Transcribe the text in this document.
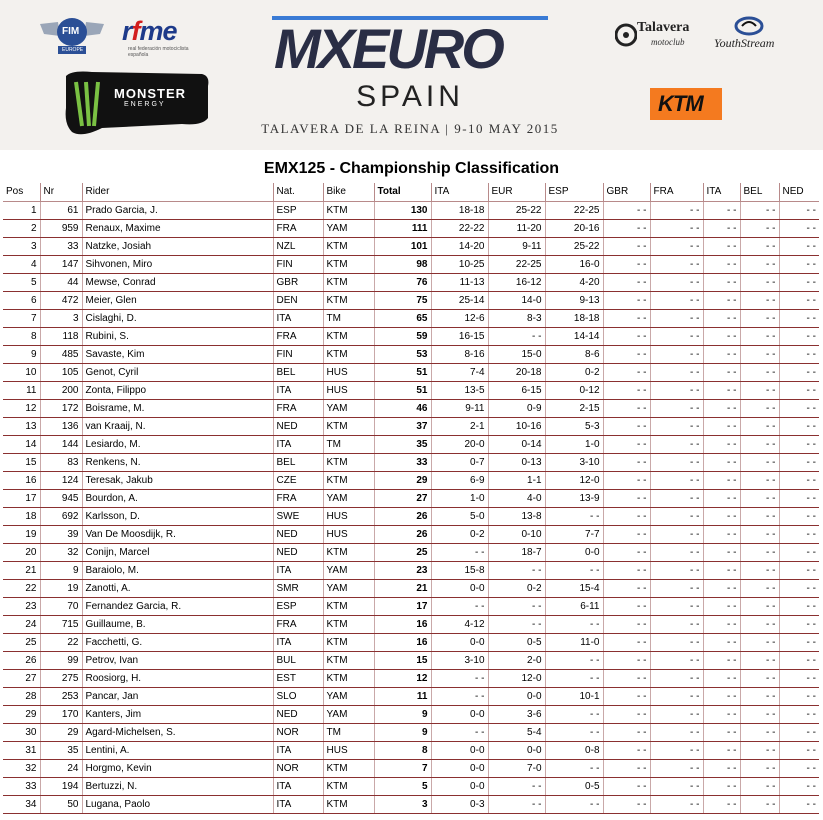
FIM
EUROPE
rfme
real federación motociclista española
MONSTER
ENERGY
MXEURO
SPAIN
TALAVERA DE LA REINA | 9-10 MAY 2015
Talavera
motoclub YouthStream
KTM
EMX125 - Championship Classification
Pos	Nr	Rider	Nat.	Bike	Total	ITA	EUR	ESP	GBR	FRA	ITA	BEL	NED
1	61	Prado Garcia, J.	ESP	KTM	130	18-18	25-22	22-25	- -	- -	- -	- -	- -
2	959	Renaux, Maxime	FRA	YAM	111	22-22	11-20	20-16	- -	- -	- -	- -	- -
3	33	Natzke, Josiah	NZL	KTM	101	14-20	9-11	25-22	- -	- -	- -	- -	- -
4	147	Sihvonen, Miro	FIN	KTM	98	10-25	22-25	16-0	- -	- -	- -	- -	- -
5	44	Mewse, Conrad	GBR	KTM	76	11-13	16-12	4-20	- -	- -	- -	- -	- -
6	472	Meier, Glen	DEN	KTM	75	25-14	14-0	9-13	- -	- -	- -	- -	- -
7	3	Cislaghi, D.	ITA	TM	65	12-6	8-3	18-18	- -	- -	- -	- -	- -
8	118	Rubini, S.	FRA	KTM	59	16-15	- -	14-14	- -	- -	- -	- -	- -
9	485	Savaste, Kim	FIN	KTM	53	8-16	15-0	8-6	- -	- -	- -	- -	- -
10	105	Genot, Cyril	BEL	HUS	51	7-4	20-18	0-2	- -	- -	- -	- -	- -
11	200	Zonta, Filippo	ITA	HUS	51	13-5	6-15	0-12	- -	- -	- -	- -	- -
12	172	Boisrame, M.	FRA	YAM	46	9-11	0-9	2-15	- -	- -	- -	- -	- -
13	136	van Kraaij, N.	NED	KTM	37	2-1	10-16	5-3	- -	- -	- -	- -	- -
14	144	Lesiardo, M.	ITA	TM	35	20-0	0-14	1-0	- -	- -	- -	- -	- -
15	83	Renkens, N.	BEL	KTM	33	0-7	0-13	3-10	- -	- -	- -	- -	- -
16	124	Teresak, Jakub	CZE	KTM	29	6-9	1-1	12-0	- -	- -	- -	- -	- -
17	945	Bourdon, A.	FRA	YAM	27	1-0	4-0	13-9	- -	- -	- -	- -	- -
18	692	Karlsson, D.	SWE	HUS	26	5-0	13-8	- -	- -	- -	- -	- -	- -
19	39	Van De Moosdijk, R.	NED	HUS	26	0-2	0-10	7-7	- -	- -	- -	- -	- -
20	32	Conijn, Marcel	NED	KTM	25	- -	18-7	0-0	- -	- -	- -	- -	- -
21	9	Baraiolo, M.	ITA	YAM	23	15-8	- -	- -	- -	- -	- -	- -	- -
22	19	Zanotti, A.	SMR	YAM	21	0-0	0-2	15-4	- -	- -	- -	- -	- -
23	70	Fernandez Garcia, R.	ESP	KTM	17	- -	- -	6-11	- -	- -	- -	- -	- -
24	715	Guillaume, B.	FRA	KTM	16	4-12	- -	- -	- -	- -	- -	- -	- -
25	22	Facchetti, G.	ITA	KTM	16	0-0	0-5	11-0	- -	- -	- -	- -	- -
26	99	Petrov, Ivan	BUL	KTM	15	3-10	2-0	- -	- -	- -	- -	- -	- -
27	275	Roosiorg, H.	EST	KTM	12	- -	12-0	- -	- -	- -	- -	- -	- -
28	253	Pancar, Jan	SLO	YAM	11	- -	0-0	10-1	- -	- -	- -	- -	- -
29	170	Kanters, Jim	NED	YAM	9	0-0	3-6	- -	- -	- -	- -	- -	- -
30	29	Agard-Michelsen, S.	NOR	TM	9	- -	5-4	- -	- -	- -	- -	- -	- -
31	35	Lentini, A.	ITA	HUS	8	0-0	0-0	0-8	- -	- -	- -	- -	- -
32	24	Horgmo, Kevin	NOR	KTM	7	0-0	7-0	- -	- -	- -	- -	- -	- -
33	194	Bertuzzi, N.	ITA	KTM	5	0-0	- -	0-5	- -	- -	- -	- -	- -
34	50	Lugana, Paolo	ITA	KTM	3	0-3	- -	- -	- -	- -	- -	- -	- -
